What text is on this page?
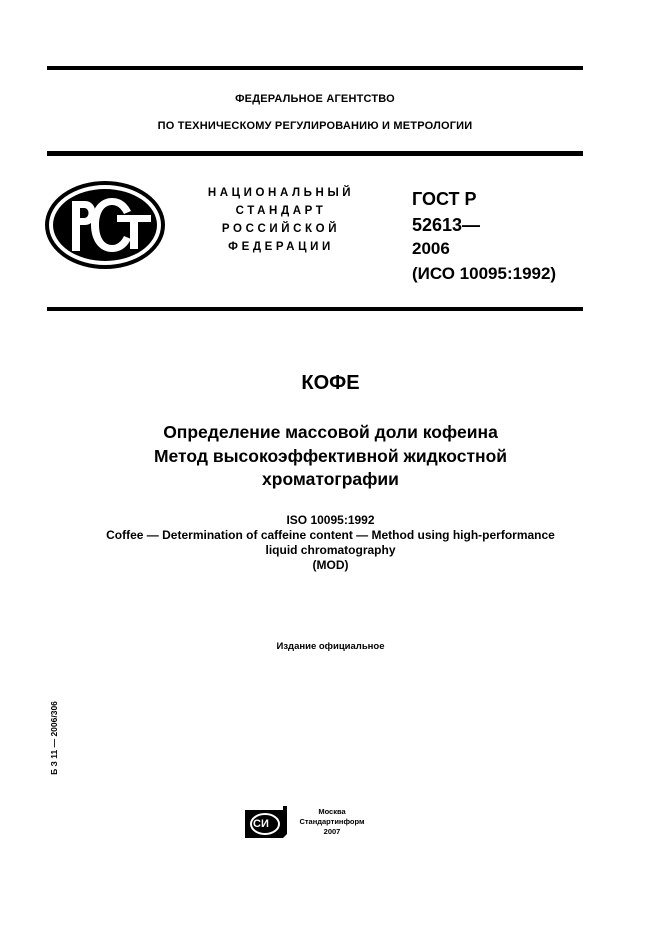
ФЕДЕРАЛЬНОЕ АГЕНТСТВО
ПО ТЕХНИЧЕСКОМУ РЕГУЛИРОВАНИЮ И МЕТРОЛОГИИ
НАЦИОНАЛЬНЫЙ
СТАНДАРТ
РОССИЙСКОЙ
ФЕДЕРАЦИИ
ГОСТ Р
52613—
2006
(ИСО 10095:1992)
КОФЕ
Определение массовой доли кофеина
Метод высокоэффективной жидкостной
хроматографии
ISO 10095:1992
Coffee — Determination of caffeine content — Method using high-performance
liquid chromatography
(MOD)
Издание официальное
Б З 11 — 2006/306
СИ
Москва
Стандартинформ
2007
